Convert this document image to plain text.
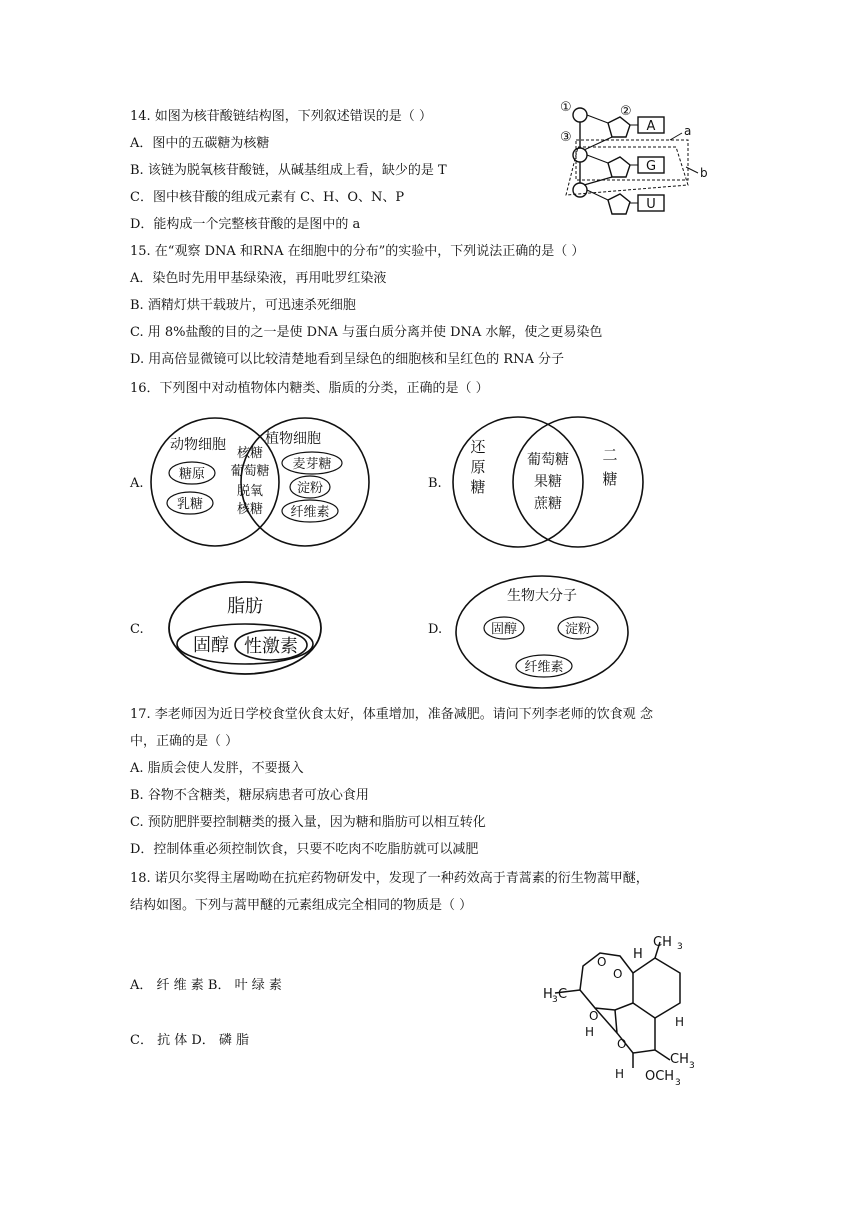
14. 如图为核苷酸链结构图，下列叙述错误的是（ ）
A．图中的五碳糖为核糖
B. 该链为脱氧核苷酸链，从碱基组成上看，缺少的是 T
C．图中核苷酸的组成元素有 C、H、O、N、P
D．能构成一个完整核苷酸的是图中的 a
A
G
U
①	②
③	a
b
15. 在“观察 DNA 和RNA 在细胞中的分布”的实验中，下列说法正确的是（ ）
A．染色时先用甲基绿染液，再用吡罗红染液
B. 酒精灯烘干载玻片，可迅速杀死细胞
C. 用 8%盐酸的目的之一是使 DNA 与蛋白质分离并使 DNA 水解，使之更易染色
D. 用高倍显微镜可以比较清楚地看到呈绿色的细胞核和呈红色的 RNA 分子
16．下列图中对动植物体内糖类、脂质的分类，正确的是（ ）
A.
动物细胞	植物细胞
糖原
乳糖
核糖
葡萄糖
脱氧
核糖
麦芽糖
淀粉
纤维素
B.
还
原
糖
葡萄糖
果糖
蔗糖
二
糖
C.
脂肪
固醇 性激素
D.
生物大分子
固醇	淀粉
纤维素
17. 李老师因为近日学校食堂伙食太好，体重增加，准备减肥。请问下列李老师的饮食观 念
中，正确的是（ ）
A. 脂质会使人发胖，不要摄入
B. 谷物不含糖类，糖尿病患者可放心食用
C. 预防肥胖要控制糖类的摄入量，因为糖和脂肪可以相互转化
D．控制体重必须控制饮食，只要不吃肉不吃脂肪就可以减肥
18. 诺贝尔奖得主屠呦呦在抗疟药物研发中，发现了一种药效高于青蒿素的衍生物蒿甲醚，
结构如图。下列与蒿甲醚的元素组成完全相同的物质是（ ）
A． 纤 维 素 B． 叶 绿 素
C． 抗 体 D． 磷 脂
H
CH 3
H 3 C
O
O
O
H
H
O
CH 3
H OCH 3
